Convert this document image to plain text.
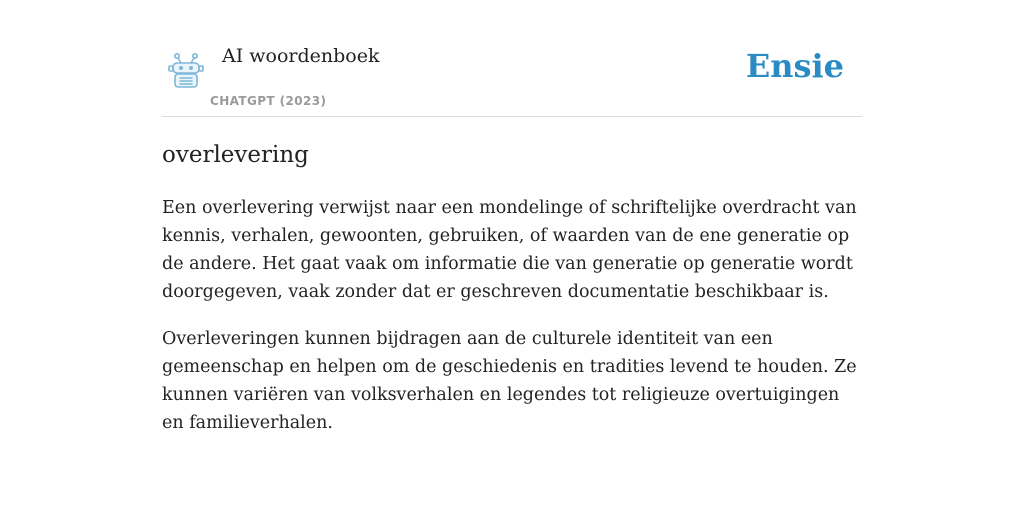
AI woordenboek
CHATGPT (2023)
Ensie
overlevering

Een overlevering verwijst naar een mondelinge of schriftelijke overdracht van kennis, verhalen, gewoonten, gebruiken, of waarden van de ene generatie op de andere. Het gaat vaak om informatie die van generatie op generatie wordt doorgegeven, vaak zonder dat er geschreven documentatie beschikbaar is.

Overleveringen kunnen bijdragen aan de culturele identiteit van een gemeenschap en helpen om de geschiedenis en tradities levend te houden. Ze kunnen variëren van volksverhalen en legendes tot religieuze overtuigingen en familieverhalen.
